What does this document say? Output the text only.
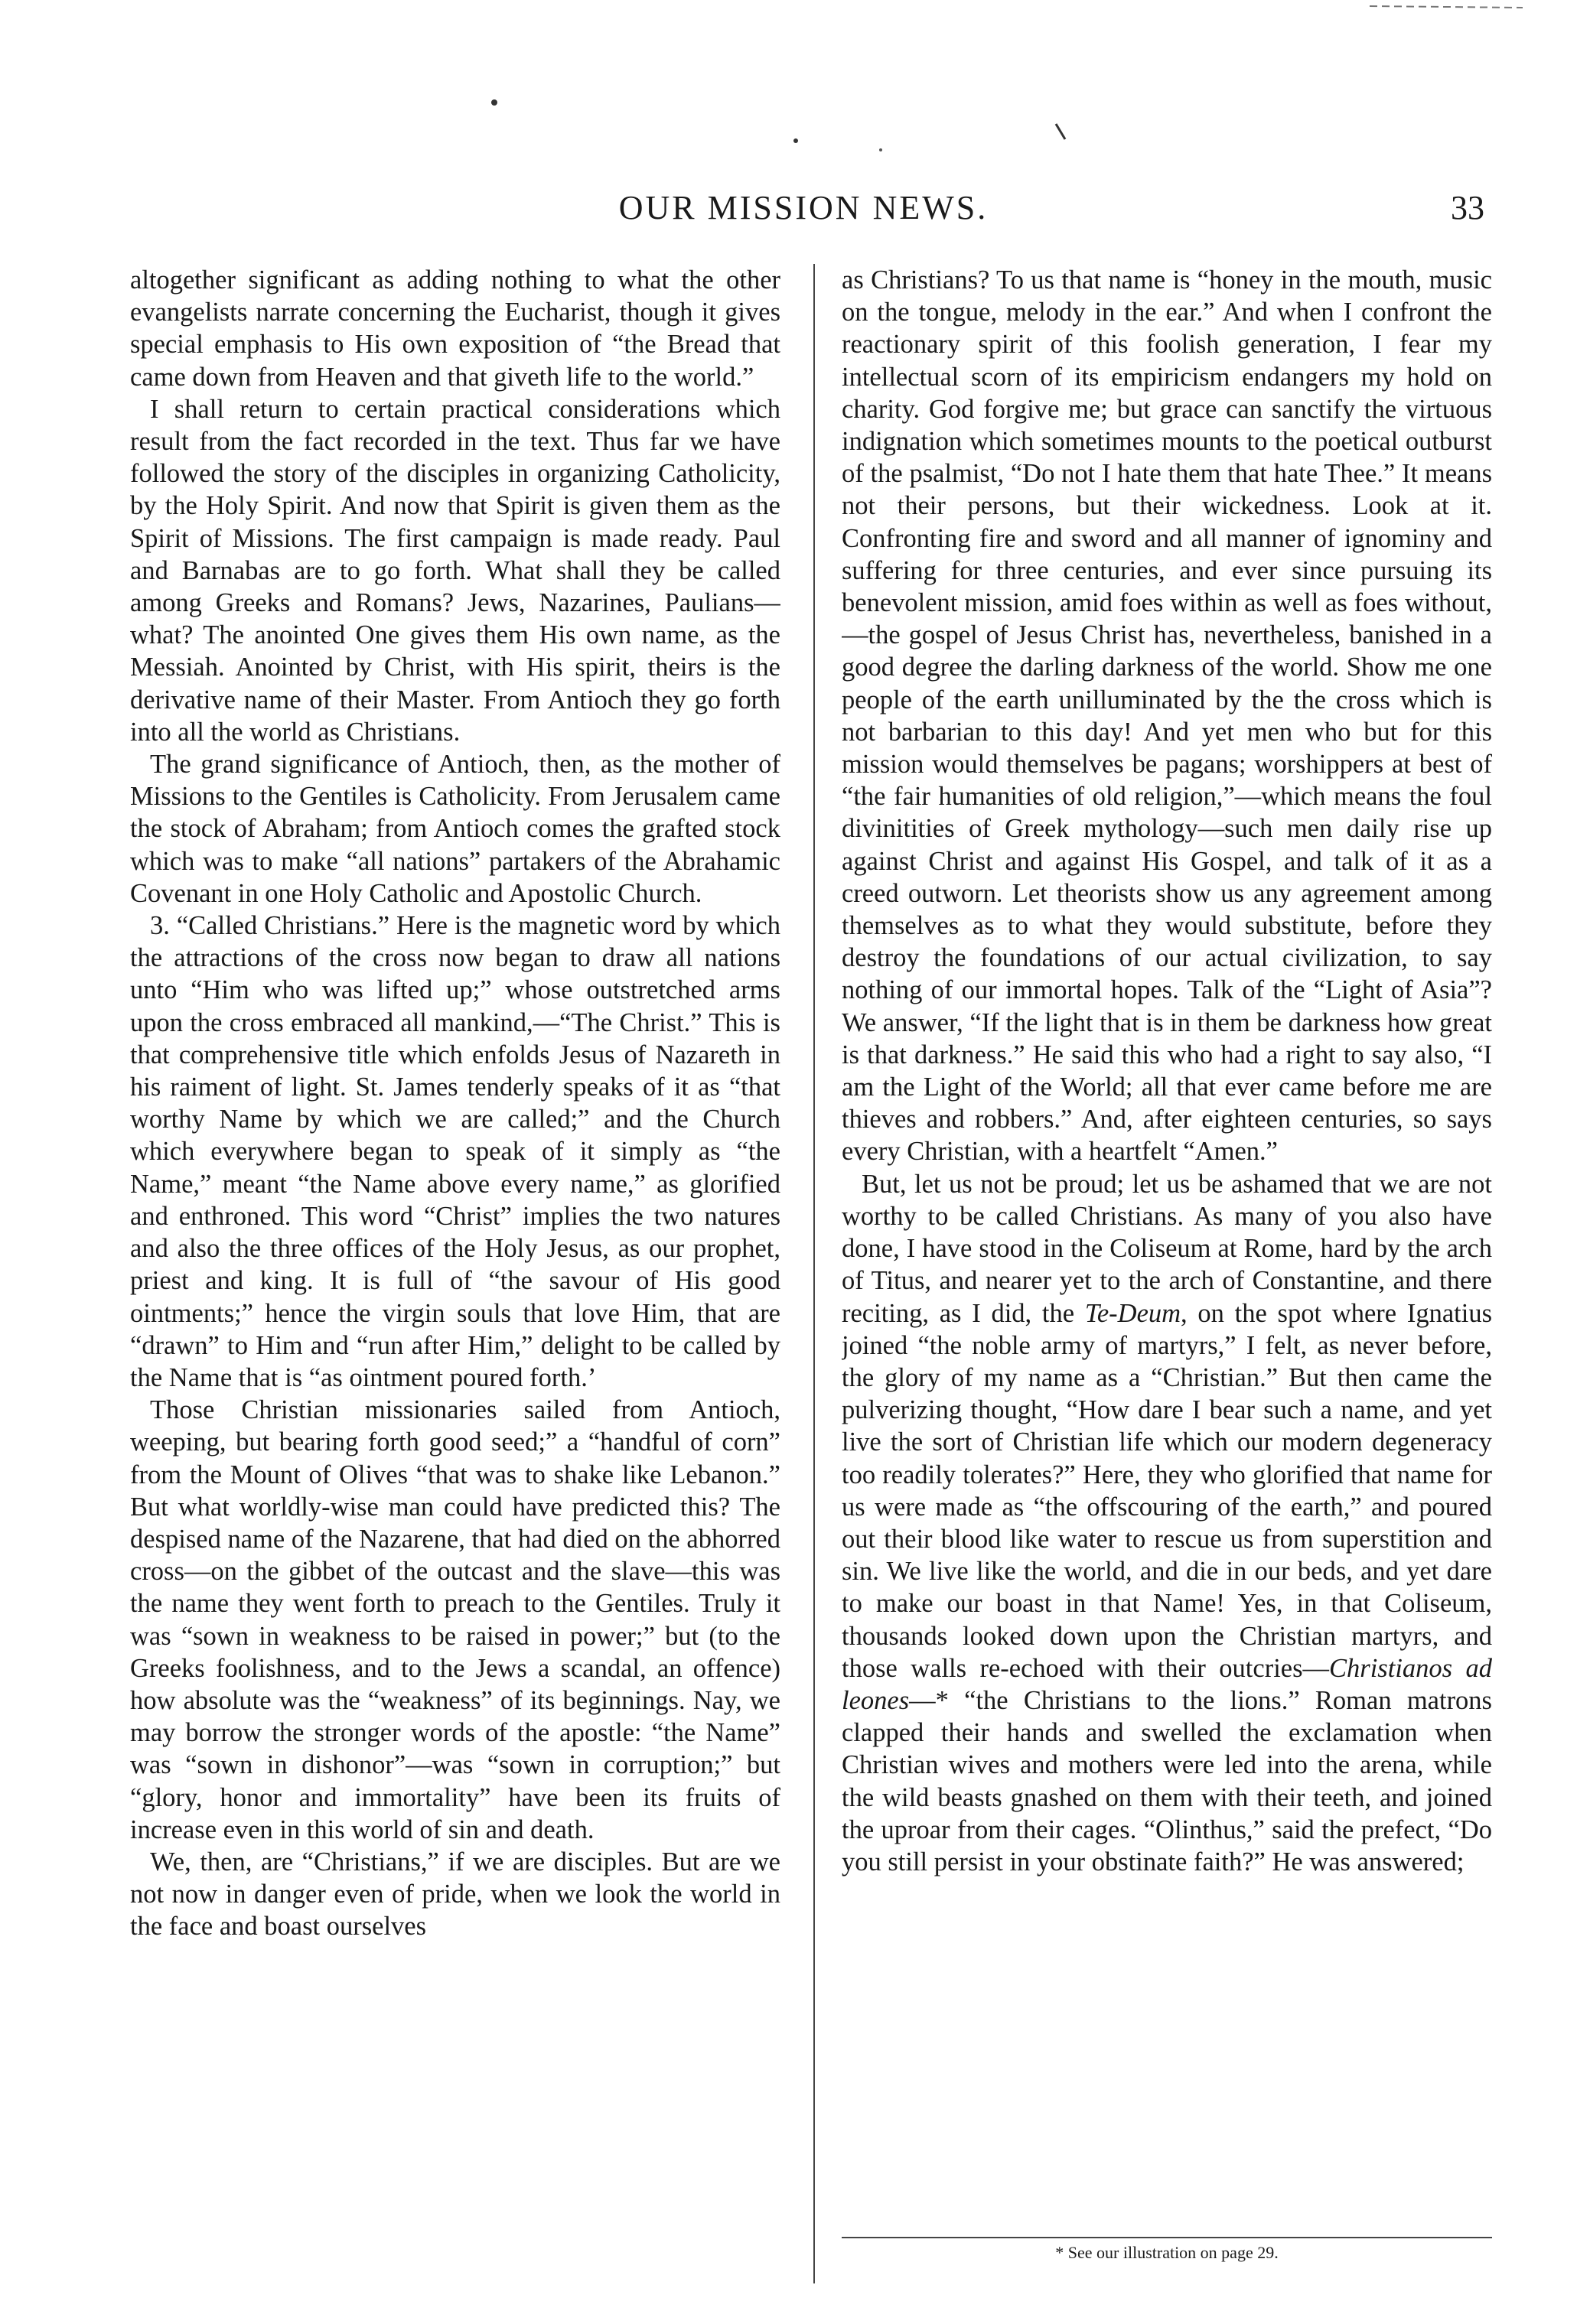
OUR MISSION NEWS.	33

altogether significant as adding nothing to what the other evangelists narrate concerning the Eucharist, though it gives special emphasis to His own exposition of “the Bread that came down from Heaven and that giveth life to the world.”

I shall return to certain practical considerations which result from the fact recorded in the text. Thus far we have followed the story of the disciples in organizing Catholicity, by the Holy Spirit. And now that Spirit is given them as the Spirit of Missions. The first campaign is made ready. Paul and Barnabas are to go forth. What shall they be called among Greeks and Romans? Jews, Nazarines, Paulians—what? The anointed One gives them His own name, as the Messiah. Anointed by Christ, with His spirit, theirs is the derivative name of their Master. From Antioch they go forth into all the world as Christians.

The grand significance of Antioch, then, as the mother of Missions to the Gentiles is Catholicity. From Jerusalem came the stock of Abraham; from Antioch comes the grafted stock which was to make “all nations” partakers of the Abrahamic Covenant in one Holy Catholic and Apostolic Church.

3. “Called Christians.” Here is the magnetic word by which the attractions of the cross now began to draw all nations unto “Him who was lifted up;” whose outstretched arms upon the cross embraced all mankind,—“The Christ.” This is that comprehensive title which enfolds Jesus of Nazareth in his raiment of light. St. James tenderly speaks of it as “that worthy Name by which we are called;” and the Church which everywhere began to speak of it simply as “the Name,” meant “the Name above every name,” as glorified and enthroned. This word “Christ” implies the two natures and also the three offices of the Holy Jesus, as our prophet, priest and king. It is full of “the savour of His good ointments;” hence the virgin souls that love Him, that are “drawn” to Him and “run after Him,” delight to be called by the Name that is “as ointment poured forth.’

Those Christian missionaries sailed from Antioch, weeping, but bearing forth good seed;” a “handful of corn” from the Mount of Olives “that was to shake like Lebanon.” But what worldly-wise man could have predicted this? The despised name of the Nazarene, that had died on the abhorred cross—on the gibbet of the outcast and the slave—this was the name they went forth to preach to the Gentiles. Truly it was “sown in weakness to be raised in power;” but (to the Greeks foolishness, and to the Jews a scandal, an offence) how absolute was the “weakness” of its beginnings. Nay, we may borrow the stronger words of the apostle: “the Name” was “sown in dishonor”—was “sown in corruption;” but “glory, honor and immortality” have been its fruits of increase even in this world of sin and death.

We, then, are “Christians,” if we are disciples. But are we not now in danger even of pride, when we look the world in the face and boast ourselves

as Christians? To us that name is “honey in the mouth, music on the tongue, melody in the ear.” And when I confront the reactionary spirit of this foolish generation, I fear my intellectual scorn of its empiricism endangers my hold on charity. God forgive me; but grace can sanctify the virtuous indignation which sometimes mounts to the poetical outburst of the psalmist, “Do not I hate them that hate Thee.” It means not their persons, but their wickedness. Look at it. Confronting fire and sword and all manner of ignominy and suffering for three centuries, and ever since pursuing its benevolent mission, amid foes within as well as foes without,—the gospel of Jesus Christ has, nevertheless, banished in a good degree the darling darkness of the world. Show me one people of the earth unilluminated by the the cross which is not barbarian to this day! And yet men who but for this mission would themselves be pagans; worshippers at best of “the fair humanities of old religion,”—which means the foul divinitities of Greek mythology—such men daily rise up against Christ and against His Gospel, and talk of it as a creed outworn. Let theorists show us any agreement among themselves as to what they would substitute, before they destroy the foundations of our actual civilization, to say nothing of our immortal hopes. Talk of the “Light of Asia”? We answer, “If the light that is in them be darkness how great is that darkness.” He said this who had a right to say also, “I am the Light of the World; all that ever came before me are thieves and robbers.” And, after eighteen centuries, so says every Christian, with a heartfelt “Amen.”

But, let us not be proud; let us be ashamed that we are not worthy to be called Christians. As many of you also have done, I have stood in the Coliseum at Rome, hard by the arch of Titus, and nearer yet to the arch of Constantine, and there reciting, as I did, the Te-Deum, on the spot where Ignatius joined “the noble army of martyrs,” I felt, as never before, the glory of my name as a “Christian.” But then came the pulverizing thought, “How dare I bear such a name, and yet live the sort of Christian life which our modern degeneracy too readily tolerates?” Here, they who glorified that name for us were made as “the offscouring of the earth,” and poured out their blood like water to rescue us from superstition and sin. We live like the world, and die in our beds, and yet dare to make our boast in that Name! Yes, in that Coliseum, thousands looked down upon the Christian martyrs, and those walls re-echoed with their outcries—Christianos ad leones—* “the Christians to the lions.” Roman matrons clapped their hands and swelled the exclamation when Christian wives and mothers were led into the arena, while the wild beasts gnashed on them with their teeth, and joined the uproar from their cages. “Olinthus,” said the prefect, “Do you still persist in your obstinate faith?” He was answered;

* See our illustration on page 29.
